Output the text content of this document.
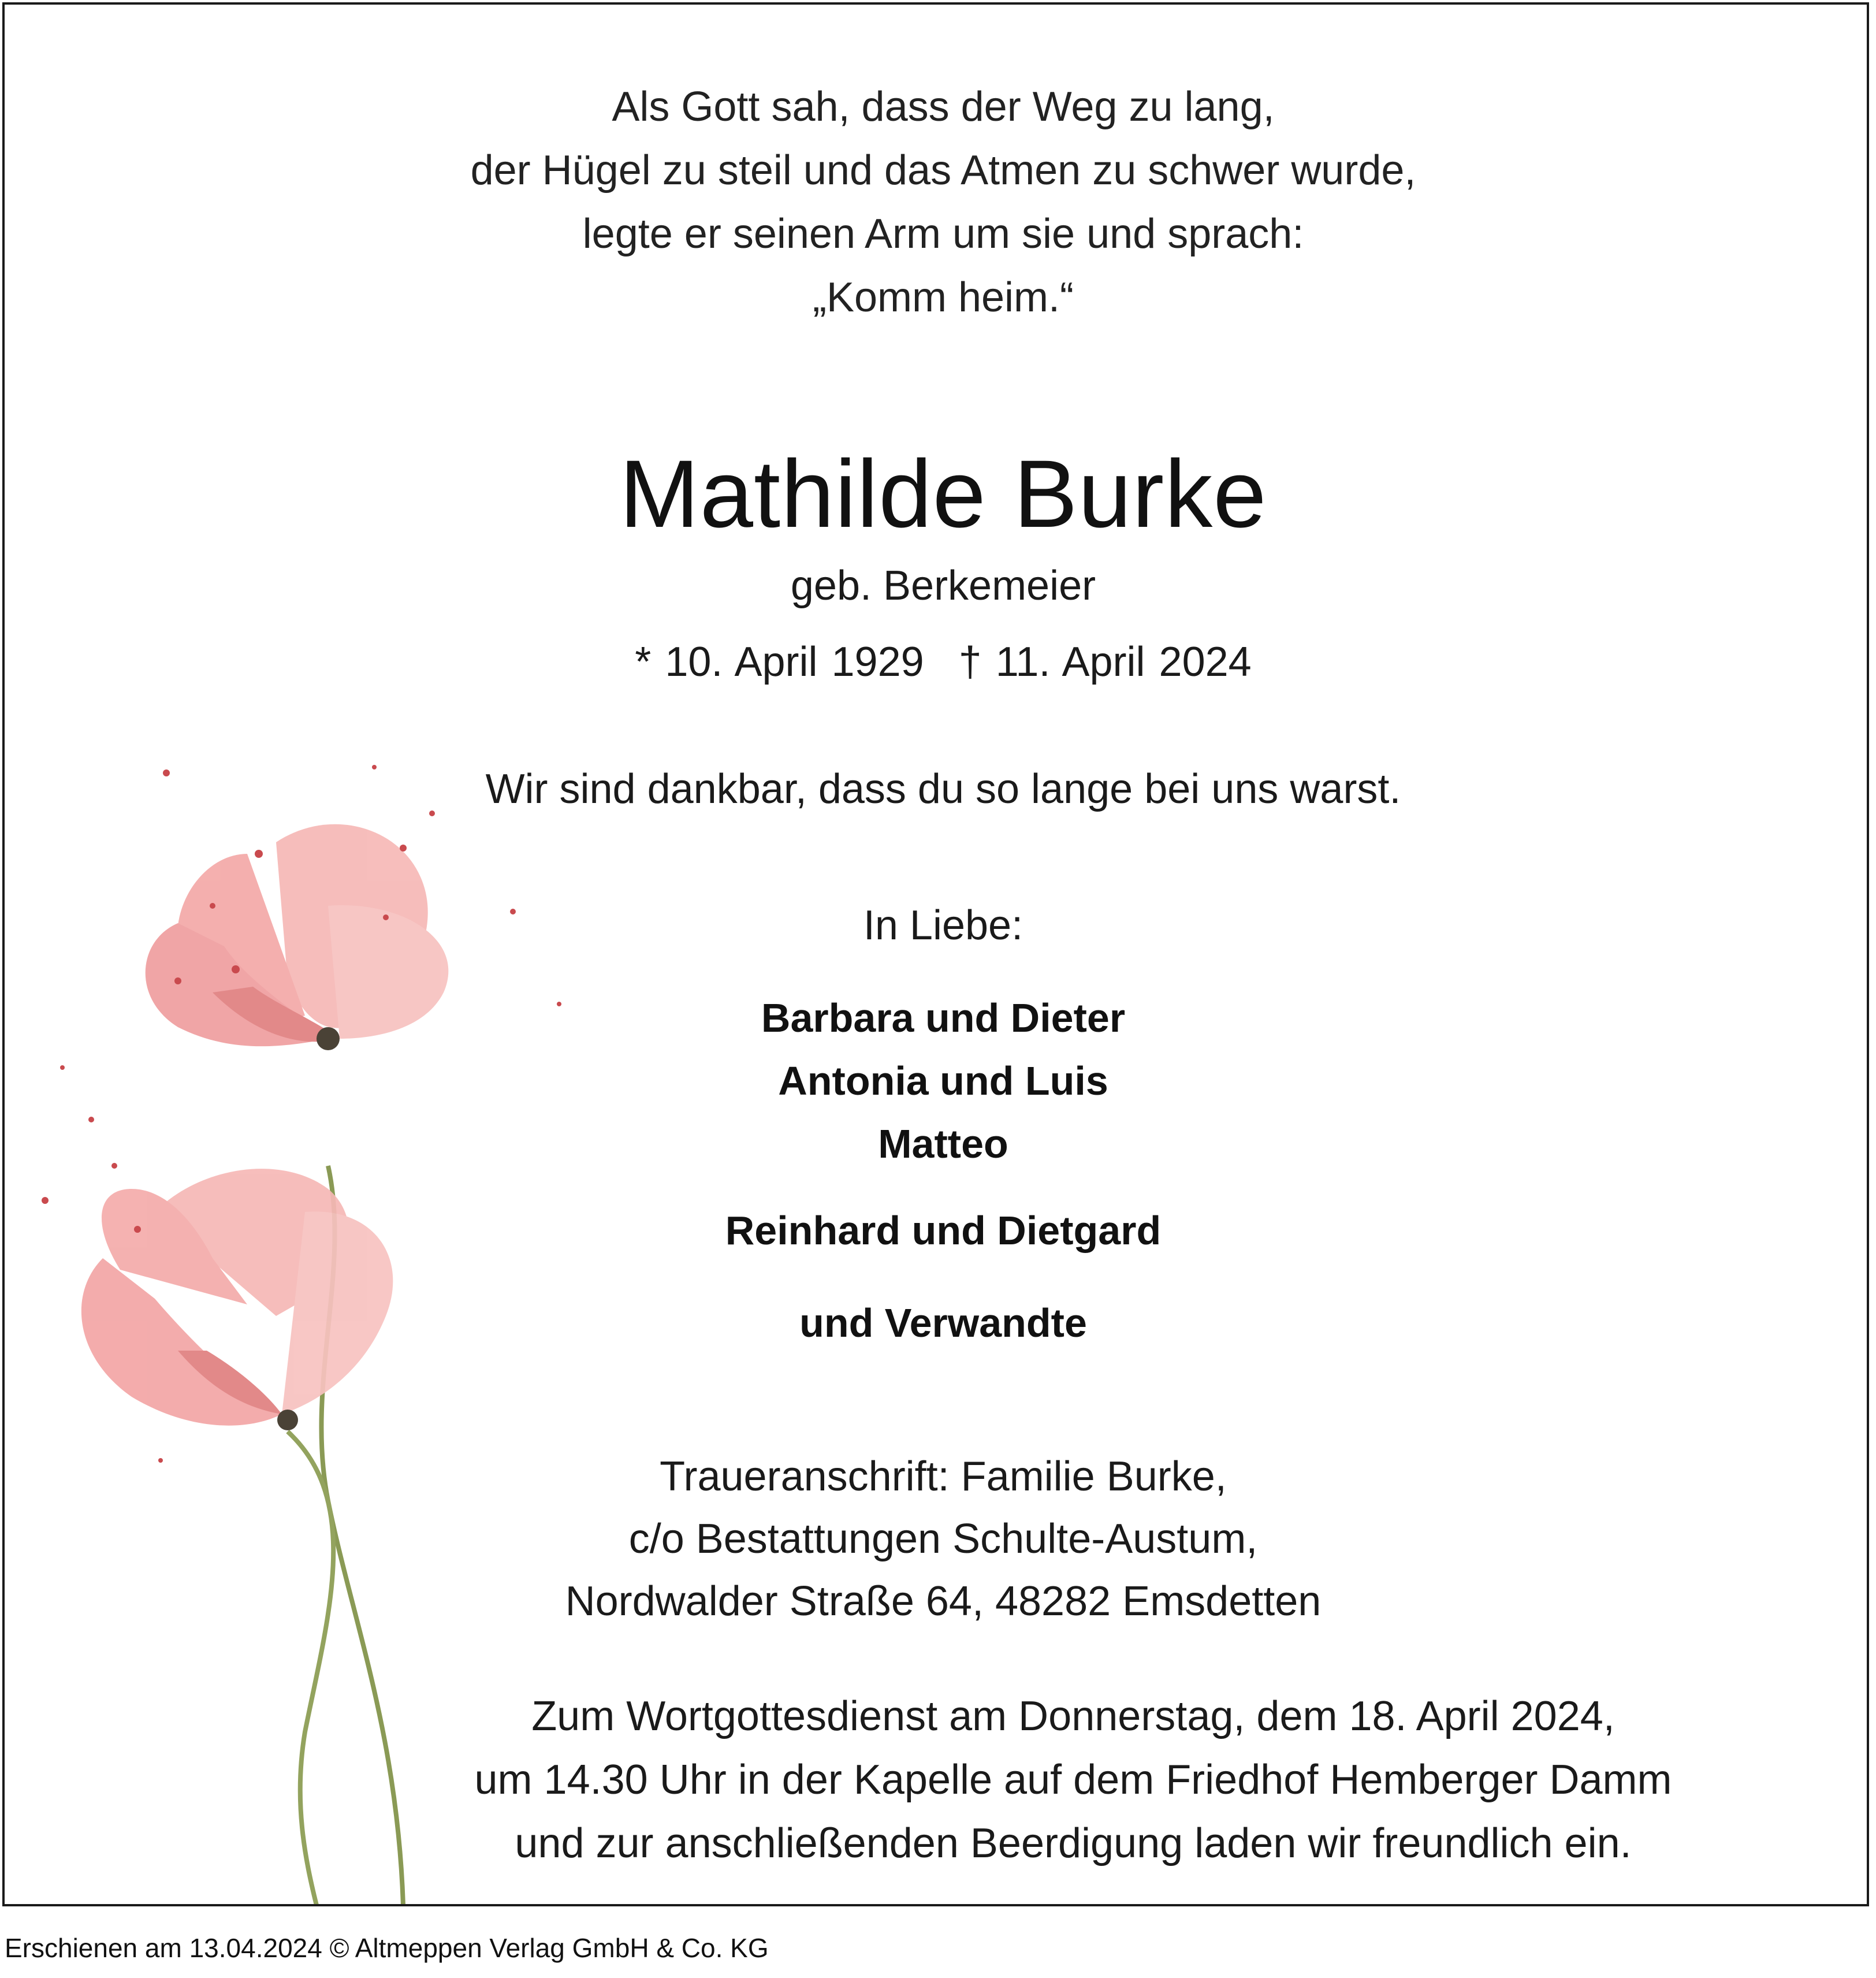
Als Gott sah, dass der Weg zu lang,
der Hügel zu steil und das Atmen zu schwer wurde,
legte er seinen Arm um sie und sprach:
„Komm heim.“
Mathilde Burke
geb. Berkemeier
* 10. April 1929 † 11. April 2024
Wir sind dankbar, dass du so lange bei uns warst.
In Liebe:
Barbara und Dieter
Antonia und Luis
Matteo
Reinhard und Dietgard
und Verwandte
Traueranschrift: Familie Burke,
c/o Bestattungen Schulte-Austum,
Nordwalder Straße 64, 48282 Emsdetten
Zum Wortgottesdienst am Donnerstag, dem 18. April 2024,
um 14.30 Uhr in der Kapelle auf dem Friedhof Hemberger Damm
und zur anschließenden Beerdigung laden wir freundlich ein.
Erschienen am 13.04.2024 © Altmeppen Verlag GmbH & Co. KG
